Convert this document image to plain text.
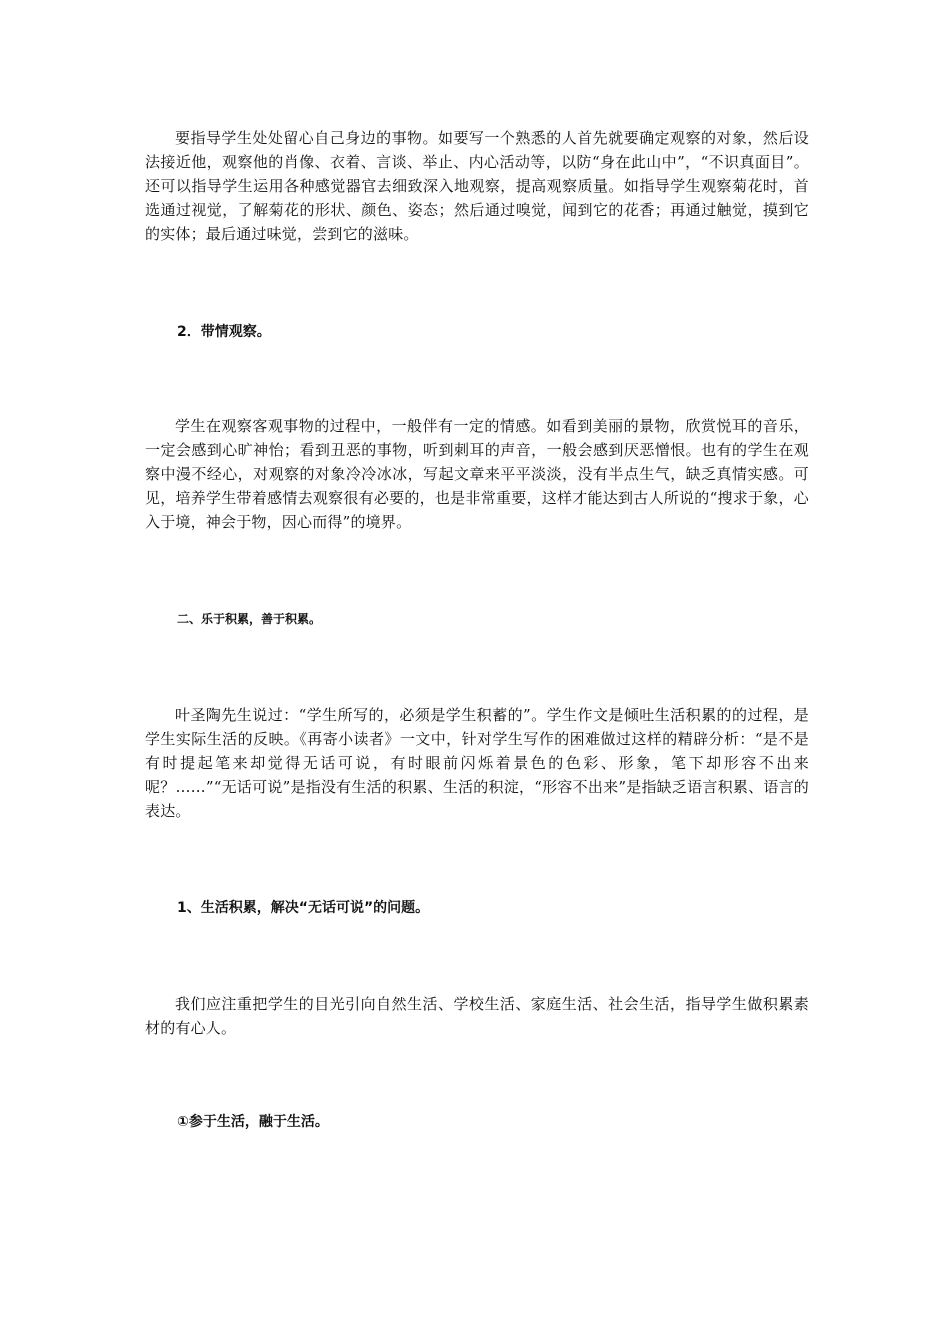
要指导学生处处留心自己身边的事物。如要写一个熟悉的人首先就要确定观察的对象，然后设法接近他，观察他的肖像、衣着、言谈、举止、内心活动等，以防“身在此山中”，“不识真面目”。还可以指导学生运用各种感觉器官去细致深入地观察，提高观察质量。如指导学生观察菊花时，首选通过视觉，了解菊花的形状、颜色、姿态；然后通过嗅觉，闻到它的花香；再通过触觉，摸到它的实体；最后通过味觉，尝到它的滋味。

2．带情观察。

学生在观察客观事物的过程中，一般伴有一定的情感。如看到美丽的景物，欣赏悦耳的音乐，一定会感到心旷神怡；看到丑恶的事物，听到刺耳的声音，一般会感到厌恶憎恨。也有的学生在观察中漫不经心，对观察的对象冷冷冰冰，写起文章来平平淡淡，没有半点生气，缺乏真情实感。可见，培养学生带着感情去观察很有必要的，也是非常重要，这样才能达到古人所说的“搜求于象，心入于境，神会于物，因心而得”的境界。

二、乐于积累，善于积累。

叶圣陶先生说过：“学生所写的，必须是学生积蓄的”。学生作文是倾吐生活积累的的过程，是学生实际生活的反映。《再寄小读者》一文中，针对学生写作的困难做过这样的精辟分析：“是不是有时提起笔来却觉得无话可说，有时眼前闪烁着景色的色彩、形象，笔下却形容不出来呢？……”“无话可说”是指没有生活的积累、生活的积淀，“形容不出来”是指缺乏语言积累、语言的表达。

1、生活积累，解决“无话可说”的问题。

我们应注重把学生的目光引向自然生活、学校生活、家庭生活、社会生活，指导学生做积累素材的有心人。

①参于生活，融于生活。
